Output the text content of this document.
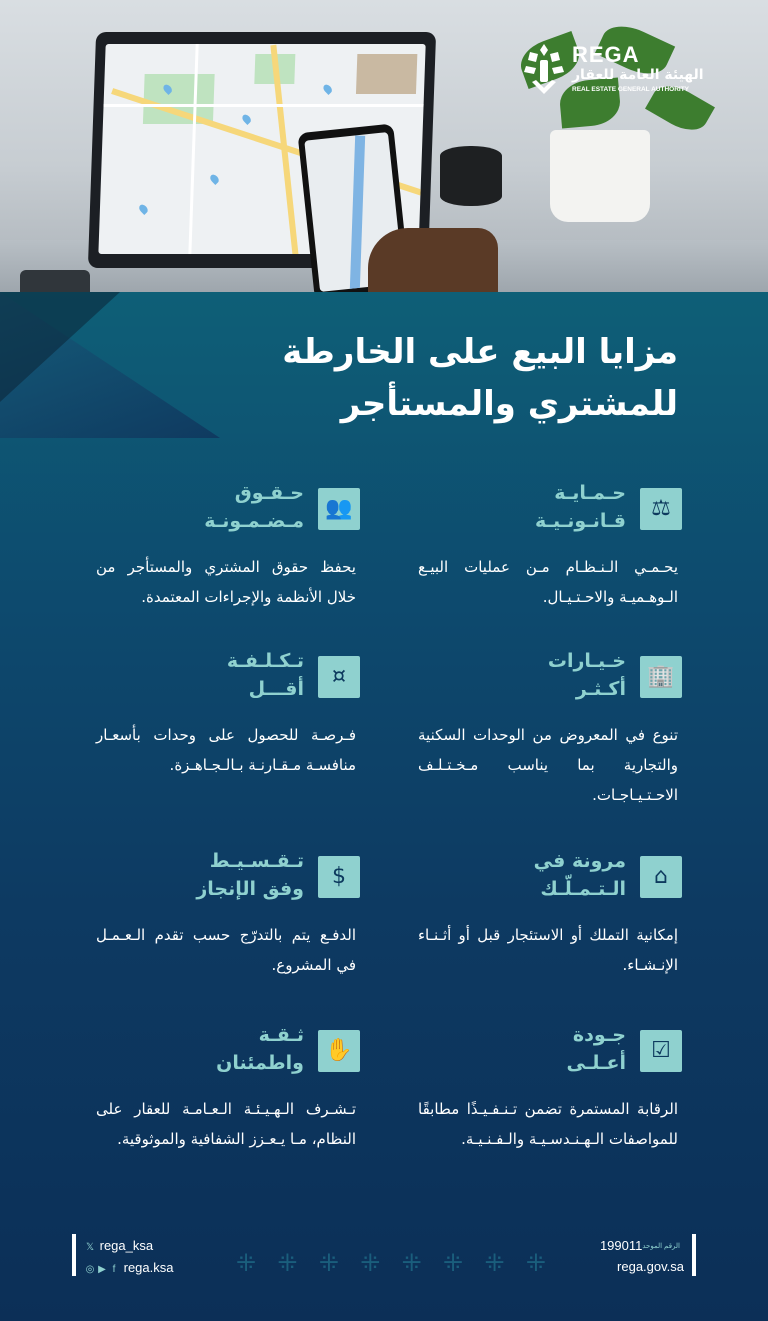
REGA
الهيئة العامة للعقار
REAL ESTATE GENERAL AUTHORITY
مزايا البيع على الخارطة
للمشتري والمستأجر
⚖
حـمـايـة
قـانـونـيـة
يحـمـي الـنـظـام مـن عمليات البيـع الـوهـميـة والاحـتـيـال.
👥
حـقـوق
مـضـمـونـة
يحفظ حقوق المشتري والمستأجر من خلال الأنظمة والإجراءات المعتمدة.
🏢
خـيـارات
أكـثـر
تنوع في المعروض من الوحدات السكنية والتجارية بما يناسب مـخـتـلـف الاحـتـيـاجـات.
¤
تـكـلـفـة
أقـــل
فـرصـة للحصول على وحدات بأسعـار منافسـة مـقـارنـة بـالـجـاهـزة.
⌂
مرونة في
الـتـمـلّـك
إمكانية التملك أو الاستئجار قبل أو أثـنـاء الإنـشـاء.
$
تـقـسـيـط
وفق الإنجاز
الدفـع يتم بالتدرّج حسب تقدم الـعـمـل في المشروع.
☑
جـودة
أعـلـى
الرقابة المستمرة تضمن تـنـفـيـذًا مطابقًا للمواصفات الـهـنـدسـيـة والـفـنـيـة.
✋
ثـقـة
واطمئنان
تـشـرف الـهـيـئـة الـعـامـة للعقار على النظام، مـا يـعـزز الشفافية والموثوقية.
⁜ ⁜ ⁜ ⁜ ⁜ ⁜ ⁜ ⁜
𝕏 rega_ksa
◎ ▶ f rega.ksa
الرقم الموحد199011
rega.gov.sa
